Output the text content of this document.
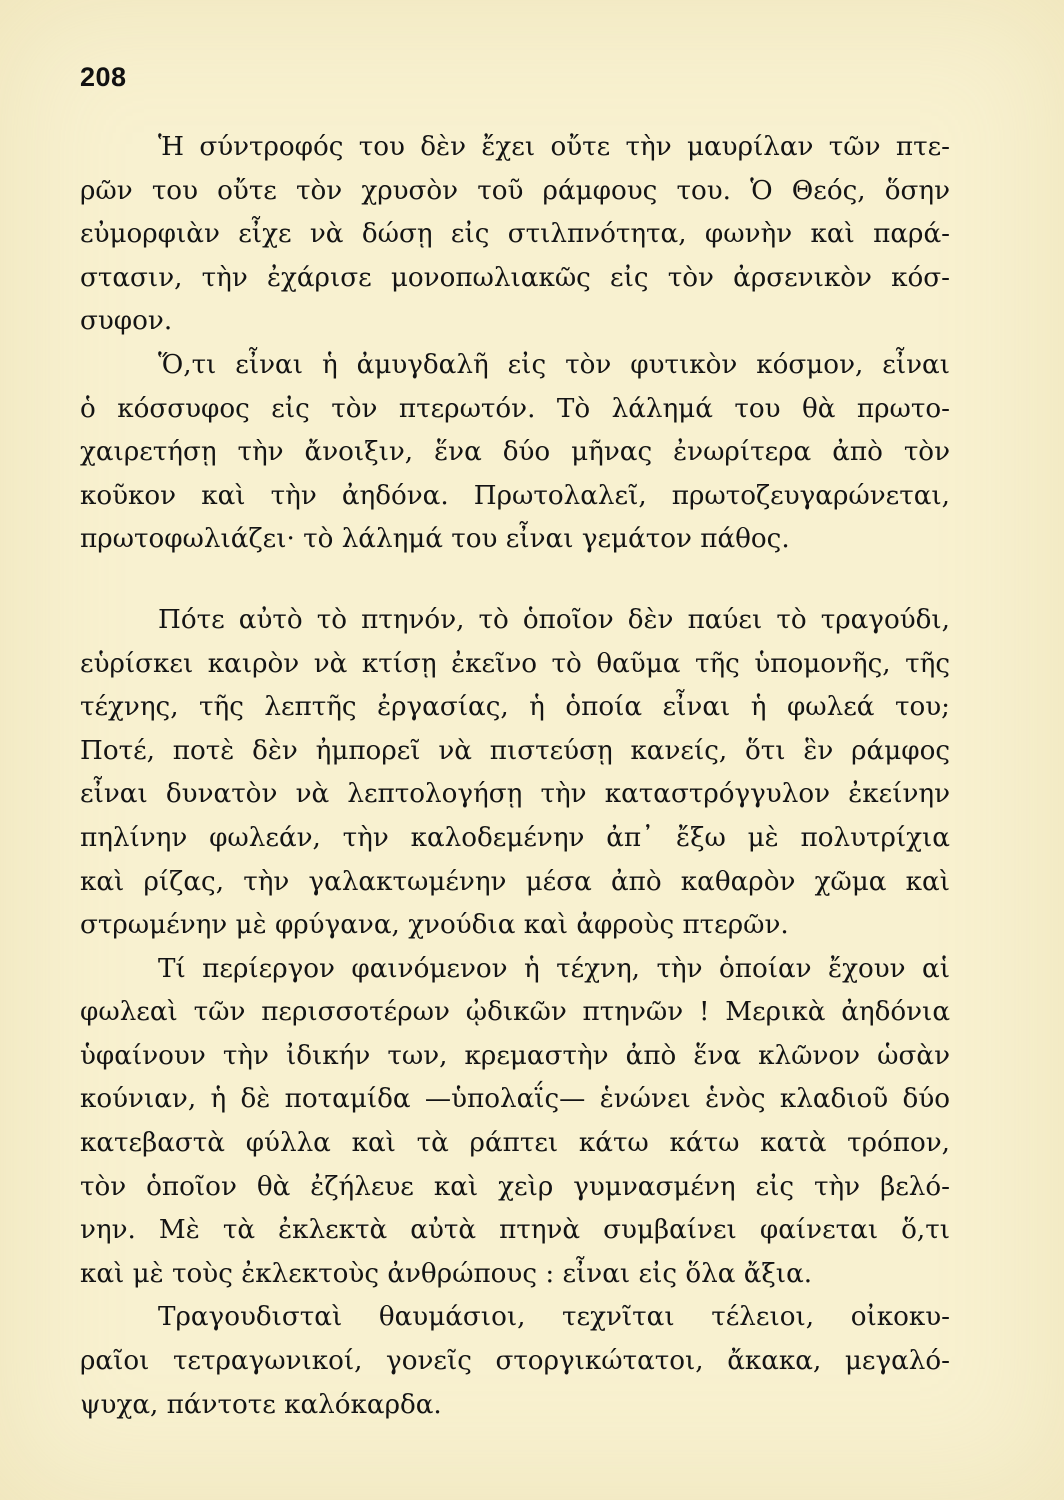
208
Ἡ σύντροφός του δὲν ἔχει οὔτε τὴν μαυρίλαν τῶν πτε-
ρῶν του οὔτε τὸν χρυσὸν τοῦ ράμφους του. Ὁ Θεός, ὅσην
εὐμορφιὰν εἶχε νὰ δώσῃ εἰς στιλπνότητα, φωνὴν καὶ παρά-
στασιν, τὴν ἐχάρισε μονοπωλιακῶς εἰς τὸν ἀρσενικὸν κόσ-
συφον.
Ὅ,τι εἶναι ἡ ἀμυγδαλῆ εἰς τὸν φυτικὸν κόσμον, εἶναι
ὁ κόσσυφος εἰς τὸν πτερωτόν. Τὸ λάλημά του θὰ πρωτο-
χαιρετήσῃ τὴν ἄνοιξιν, ἕνα δύο μῆνας ἐνωρίτερα ἀπὸ τὸν
κοῦκον καὶ τὴν ἀηδόνα. Πρωτολαλεῖ, πρωτοζευγαρώνεται,
πρωτοφωλιάζει· τὸ λάλημά του εἶναι γεμάτον πάθος.
Πότε αὐτὸ τὸ πτηνόν, τὸ ὁποῖον δὲν παύει τὸ τραγούδι,
εὑρίσκει καιρὸν νὰ κτίσῃ ἐκεῖνο τὸ θαῦμα τῆς ὑπομονῆς, τῆς
τέχνης, τῆς λεπτῆς ἐργασίας, ἡ ὁποία εἶναι ἡ φωλεά του;
Ποτέ, ποτὲ δὲν ἠμπορεῖ νὰ πιστεύσῃ κανείς, ὅτι ἓν ράμφος
εἶναι δυνατὸν νὰ λεπτολογήσῃ τὴν καταστρόγγυλον ἐκείνην
πηλίνην φωλεάν, τὴν καλοδεμένην ἀπ᾽ ἔξω μὲ πολυτρίχια
καὶ ρίζας, τὴν γαλακτωμένην μέσα ἀπὸ καθαρὸν χῶμα καὶ
στρωμένην μὲ φρύγανα, χνούδια καὶ ἀφροὺς πτερῶν.
Τί περίεργον φαινόμενον ἡ τέχνη, τὴν ὁποίαν ἔχουν αἱ
φωλεαὶ τῶν περισσοτέρων ᾠδικῶν πτηνῶν ! Μερικὰ ἀηδόνια
ὑφαίνουν τὴν ἰδικήν των, κρεμαστὴν ἀπὸ ἕνα κλῶνον ὡσὰν
κούνιαν, ἡ δὲ ποταμίδα —ὑπολαΐς— ἑνώνει ἑνὸς κλαδιοῦ δύο
κατεβαστὰ φύλλα καὶ τὰ ράπτει κάτω κάτω κατὰ τρόπον,
τὸν ὁποῖον θὰ ἐζήλευε καὶ χεὶρ γυμνασμένη εἰς τὴν βελό-
νην. Μὲ τὰ ἐκλεκτὰ αὐτὰ πτηνὰ συμβαίνει φαίνεται ὅ,τι
καὶ μὲ τοὺς ἐκλεκτοὺς ἀνθρώπους : εἶναι εἰς ὅλα ἄξια.
Τραγουδισταὶ θαυμάσιοι, τεχνῖται τέλειοι, οἰκοκυ-
ραῖοι τετραγωνικοί, γονεῖς στοργικώτατοι, ἄκακα, μεγαλό-
ψυχα, πάντοτε καλόκαρδα.
